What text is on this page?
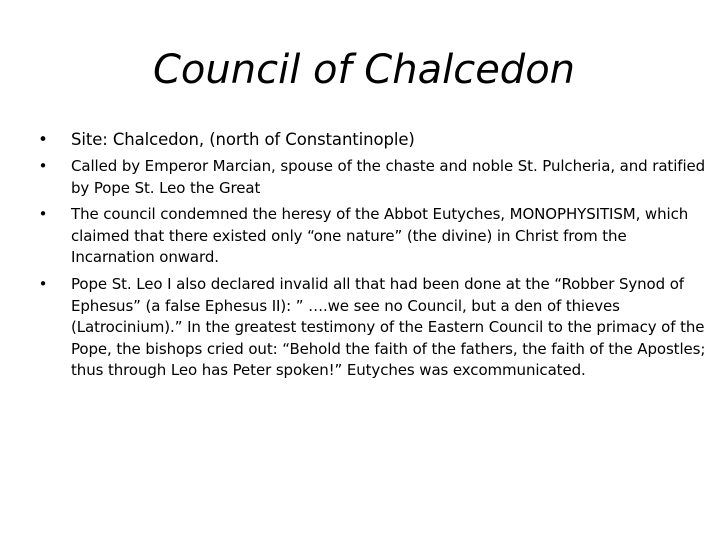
Council of Chalcedon
• Site: Chalcedon, (north of Constantinople)
• Called by Emperor Marcian, spouse of the chaste and noble St. Pulcheria, and ratified by Pope St. Leo the Great
• The council condemned the heresy of the Abbot Eutyches, MONOPHYSITISM, which claimed that there existed only “one nature” (the divine) in Christ from the Incarnation onward.
• Pope St. Leo I also declared invalid all that had been done at the “Robber Synod of Ephesus” (a false Ephesus II): ” ….we see no Council, but a den of thieves (Latrocinium).” In the greatest testimony of the Eastern Council to the primacy of the Pope, the bishops cried out: “Behold the faith of the fathers, the faith of the Apostles; thus through Leo has Peter spoken!” Eutyches was excommunicated.
